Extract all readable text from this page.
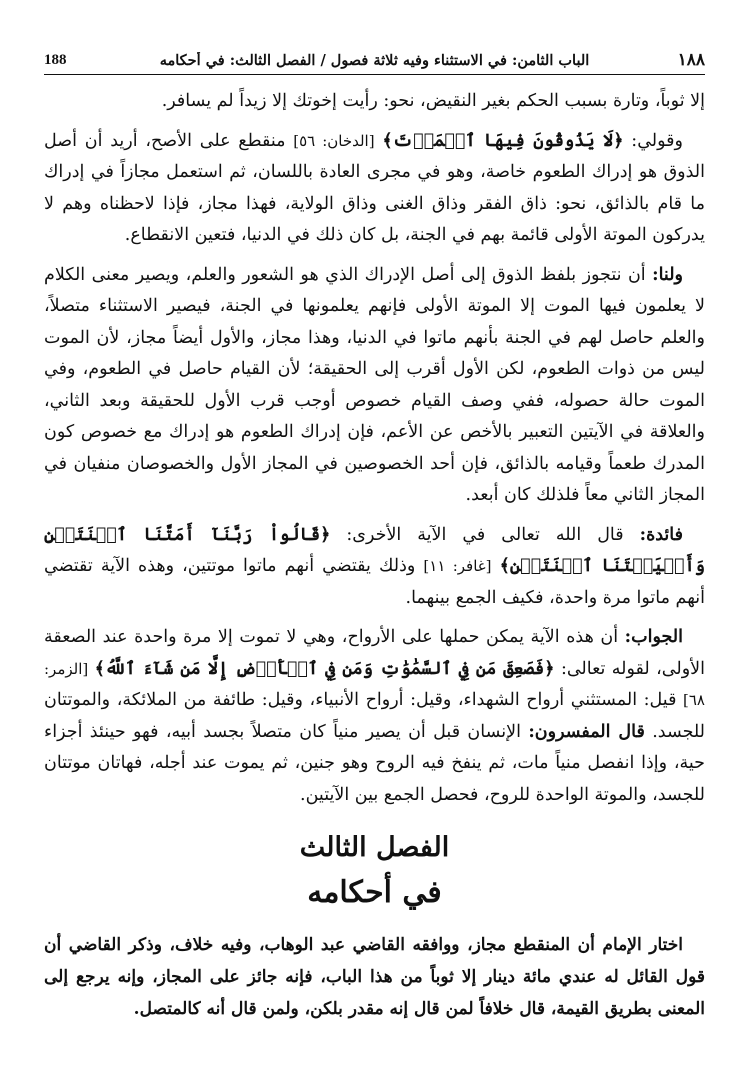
188	الباب الثامن: في الاستثناء وفيه ثلاثة فصول / الفصل الثالث: في أحكامه	١٨٨

إلا ثوباً، وتارة بسبب الحكم بغير النقيض، نحو: رأيت إخوتك إلا زيداً لم يسافر.

وقولي: ﴿لَا يَذُوقُونَ فِيهَا ٱلۡمَوۡتَ﴾ [الدخان: ٥٦] منقطع على الأصح، أريد أن أصل الذوق هو إدراك الطعوم خاصة، وهو في مجرى العادة باللسان، ثم استعمل مجازاً في إدراك ما قام بالذائق، نحو: ذاق الفقر وذاق الغنى وذاق الولاية، فهذا مجاز، فإذا لاحظناه وهم لا يدركون الموتة الأولى قائمة بهم في الجنة، بل كان ذلك في الدنيا، فتعين الانقطاع.

ولنا: أن نتجوز بلفظ الذوق إلى أصل الإدراك الذي هو الشعور والعلم، ويصير معنى الكلام لا يعلمون فيها الموت إلا الموتة الأولى فإنهم يعلمونها في الجنة، فيصير الاستثناء متصلاً، والعلم حاصل لهم في الجنة بأنهم ماتوا في الدنيا، وهذا مجاز، والأول أيضاً مجاز، لأن الموت ليس من ذوات الطعوم، لكن الأول أقرب إلى الحقيقة؛ لأن القيام حاصل في الطعوم، وفي الموت حالة حصوله، ففي وصف القيام خصوص أوجب قرب الأول للحقيقة وبعد الثاني، والعلاقة في الآيتين التعبير بالأخص عن الأعم، فإن إدراك الطعوم هو إدراك مع خصوص كون المدرك طعماً وقيامه بالذائق، فإن أحد الخصوصين في المجاز الأول والخصوصان منفيان في المجاز الثاني معاً فلذلك كان أبعد.

فائدة: قال الله تعالى في الآية الأخرى: ﴿قَالُواْ رَبَّنَآ أَمَتَّنَا ٱثۡنَتَيۡنِ وَأَحۡيَيۡتَنَا ٱثۡنَتَيۡنِ﴾ [غافر: ١١] وذلك يقتضي أنهم ماتوا موتتين، وهذه الآية تقتضي أنهم ماتوا مرة واحدة، فكيف الجمع بينهما.

الجواب: أن هذه الآية يمكن حملها على الأرواح، وهي لا تموت إلا مرة واحدة عند الصعقة الأولى، لقوله تعالى: ﴿فَصَعِقَ مَن فِي ٱلسَّمَٰوَٰتِ وَمَن فِي ٱلۡأَرۡضِ إِلَّا مَن شَآءَ ٱللَّهُ﴾ [الزمر: ٦٨] قيل: المستثني أرواح الشهداء، وقيل: أرواح الأنبياء، وقيل: طائفة من الملائكة، والموتتان للجسد. قال المفسرون: الإنسان قبل أن يصير منياً كان متصلاً بجسد أبيه، فهو حينئذ أجزاء حية، وإذا انفصل منياً مات، ثم ينفخ فيه الروح وهو جنين، ثم يموت عند أجله، فهاتان موتتان للجسد، والموتة الواحدة للروح، فحصل الجمع بين الآيتين.

الفصل الثالث
في أحكامه

اختار الإمام أن المنقطع مجاز، ووافقه القاضي عبد الوهاب، وفيه خلاف، وذكر القاضي أن قول القائل له عندي مائة دينار إلا ثوباً من هذا الباب، فإنه جائز على المجاز، وإنه يرجع إلى المعنى بطريق القيمة، قال خلافاً لمن قال إنه مقدر بلكن، ولمن قال أنه كالمتصل.
